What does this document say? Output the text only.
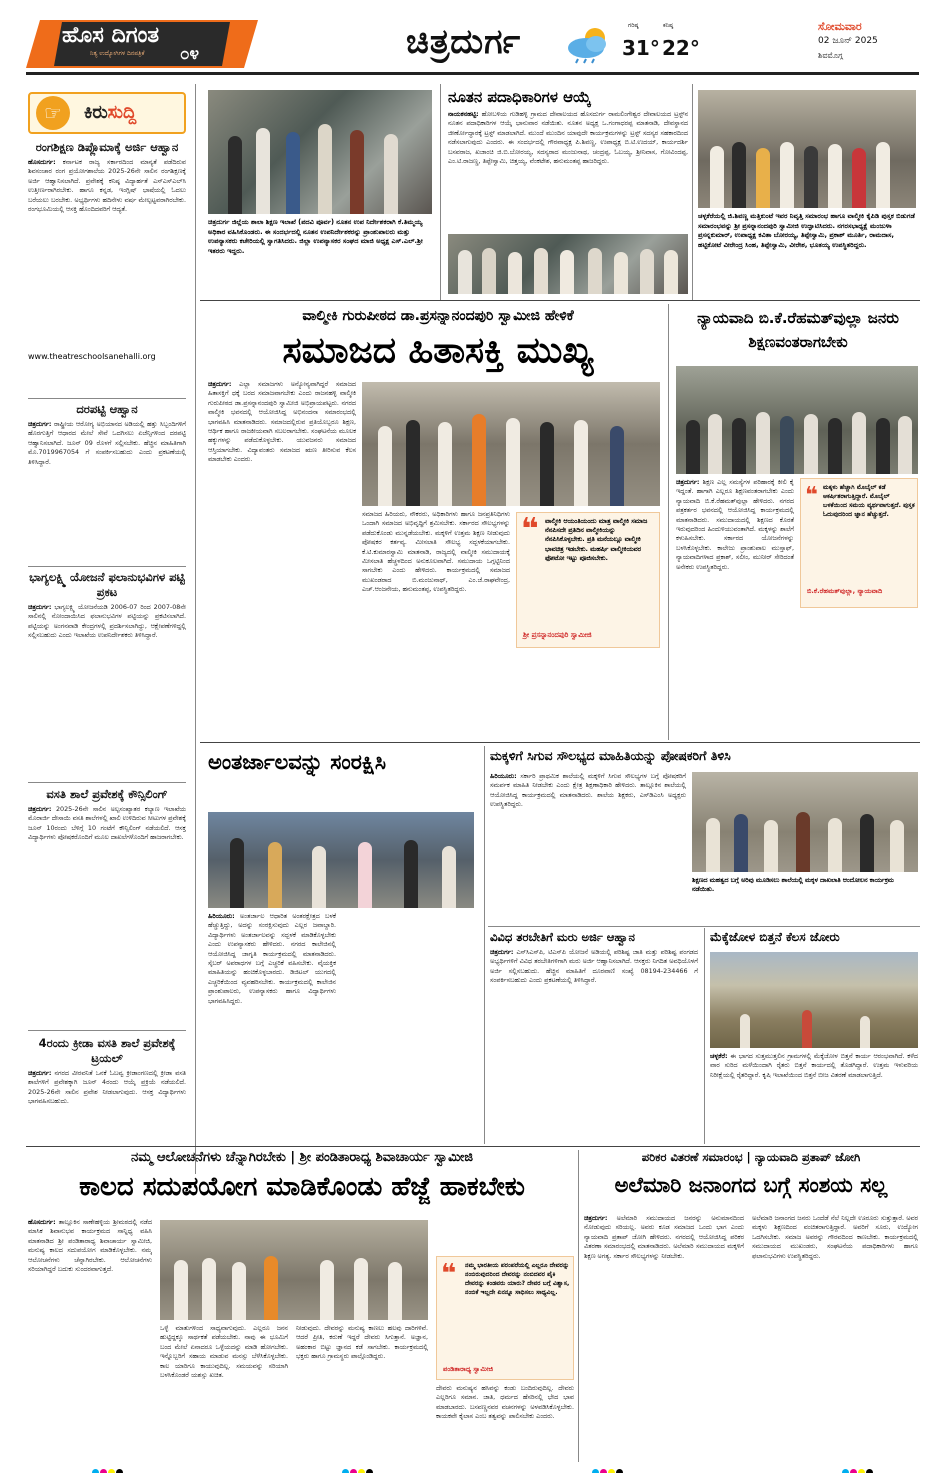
ಹೊಸ ದಿಗಂತ
ನಿತ್ಯ ಉದ್ಯೋಗಿಗಳ ದಿನಪತ್ರಿಕೆ ೦೪	ಚಿತ್ರದುರ್ಗ	ಗರಿಷ್ಠ
31°
ಕನಿಷ್ಠ
22°
ಸೋಮವಾರ
02 ಜೂನ್ 2025
ಶಿವಮೊಗ್ಗ
☞	ಕಿರುಸುದ್ದಿ
ರಂಗಶಿಕ್ಷಣ ಡಿಪ್ಲೊಮಾಕ್ಕೆ ಅರ್ಜಿ ಆಹ್ವಾನ
ಹೊಸದುರ್ಗ: ಕರ್ನಾಟಕ ರಾಜ್ಯ ಸರ್ಕಾರದಿಂದ ಮಾನ್ಯತೆ ಪಡೆದಿರುವ ಶಿವಸಂಚಾರ ರಂಗ ಪ್ರಯೋಗಶಾಲೆಯ 2025-26ನೇ ಸಾಲಿನ ರಂಗಶಿಕ್ಷಣಕ್ಕೆ ಅರ್ಜಿ ಆಹ್ವಾನಿಸಲಾಗಿದೆ. ಪ್ರವೇಶಕ್ಕೆ ಕನಿಷ್ಠ ವಿದ್ಯಾರ್ಹತೆ ಎಸ್ಎಸ್ಎಲ್‌ಸಿ ಉತ್ತೀರ್ಣರಾಗಿರಬೇಕು. ಹಾಗೂ ಕನ್ನಡ, ಇಂಗ್ಲಿಷ್ ಭಾಷೆಯಲ್ಲಿ ಓದಲು ಬರೆಯಲು ಬರಬೇಕು. ಅಭ್ಯರ್ಥಿಗಳು ಹದಿನೇಳು ವರ್ಷ ಮೇಲ್ಪಟ್ಟವರಾಗಿರಬೇಕು. ರಂಗಭೂಮಿಯಲ್ಲಿ ಆಸಕ್ತಿ ಹೊಂದಿದವರಿಗೆ ಆದ್ಯತೆ.
www.theatreschoolsanehalli.org
ದರಪಟ್ಟಿ ಆಹ್ವಾನ
ಚಿತ್ರದುರ್ಗ: ರಾಷ್ಟ್ರೀಯ ಆರೋಗ್ಯ ಅಭಿಯಾನದ ಅಡಿಯಲ್ಲಿ ಹತ್ತು ಸಿಬ್ಬಂದಿಗಳಿಗೆ ಹೊರಗುತ್ತಿಗೆ ಆಧಾರದ ಮೇಲೆ ಸೇವೆ ಒದಗಿಸಲು ಏಜೆನ್ಸಿಗಳಿಂದ ದರಪಟ್ಟಿ ಆಹ್ವಾನಿಸಲಾಗಿದೆ. ಜೂನ್ 09 ರೊಳಗೆ ಸಲ್ಲಿಸಬೇಕು. ಹೆಚ್ಚಿನ ಮಾಹಿತಿಗಾಗಿ ಮೊ.7019967054 ಗೆ ಸಂಪರ್ಕಿಸಬಹುದು ಎಂದು ಪ್ರಕಟಣೆಯಲ್ಲಿ ತಿಳಿಸಿದ್ದಾರೆ.
ಭಾಗ್ಯಲಕ್ಷ್ಮಿ ಯೋಜನೆ ಫಲಾನುಭವಿಗಳ ಪಟ್ಟಿ ಪ್ರಕಟ
ಚಿತ್ರದುರ್ಗ: ಭಾಗ್ಯಲಕ್ಷ್ಮಿ ಯೋಜನೆಯಡಿ 2006-07 ರಿಂದ 2007-08ನೇ ಸಾಲಿನಲ್ಲಿ ನೋಂದಾಯಿಸಿದ ಫಲಾನುಭವಿಗಳ ಪಟ್ಟಿಯನ್ನು ಪ್ರಕಟಿಸಲಾಗಿದೆ. ಪಟ್ಟಿಯನ್ನು ಅಂಗನವಾಡಿ ಕೇಂದ್ರಗಳಲ್ಲಿ ಪ್ರದರ್ಶಿಸಲಾಗಿದ್ದು, ಆಕ್ಷೇಪಣೆಗಳಿದ್ದಲ್ಲಿ ಸಲ್ಲಿಸಬಹುದು ಎಂದು ಇಲಾಖೆಯ ಉಪನಿರ್ದೇಶಕರು ತಿಳಿಸಿದ್ದಾರೆ.
ವಸತಿ ಶಾಲೆ ಪ್ರವೇಶಕ್ಕೆ ಕೌನ್ಸಿಲಿಂಗ್
ಚಿತ್ರದುರ್ಗ: 2025-26ನೇ ಸಾಲಿನ ಅಲ್ಪಸಂಖ್ಯಾತರ ಕಲ್ಯಾಣ ಇಲಾಖೆಯ ಮೊರಾರ್ಜಿ ದೇಸಾಯಿ ವಸತಿ ಶಾಲೆಗಳಲ್ಲಿ ಖಾಲಿ ಉಳಿದಿರುವ ಸೀಟುಗಳ ಪ್ರವೇಶಕ್ಕೆ ಜೂನ್ 10ರಂದು ಬೆಳಿಗ್ಗೆ 10 ಗಂಟೆಗೆ ಕೌನ್ಸಿಲಿಂಗ್ ನಡೆಯಲಿದೆ. ಆಸಕ್ತ ವಿದ್ಯಾರ್ಥಿಗಳು ಪೋಷಕರೊಂದಿಗೆ ಮೂಲ ದಾಖಲೆಗಳೊಂದಿಗೆ ಹಾಜರಾಗಬೇಕು.
4ರಂದು ಕ್ರೀಡಾ ವಸತಿ ಶಾಲೆ ಪ್ರವೇಶಕ್ಕೆ ಟ್ರಯಲ್
ಚಿತ್ರದುರ್ಗ: ನಗರದ ವೀರವನಿತೆ ಒನಕೆ ಓಬವ್ವ ಕ್ರೀಡಾಂಗಣದಲ್ಲಿ ಕ್ರೀಡಾ ವಸತಿ ಶಾಲೆಗಳಿಗೆ ಪ್ರವೇಶಕ್ಕಾಗಿ ಜೂನ್ 4ರಂದು ಆಯ್ಕೆ ಪ್ರಕ್ರಿಯೆ ನಡೆಯಲಿದೆ. 2025-26ನೇ ಸಾಲಿನ ಪ್ರವೇಶ ನೀಡಲಾಗುವುದು. ಆಸಕ್ತ ವಿದ್ಯಾರ್ಥಿಗಳು ಭಾಗವಹಿಸಬಹುದು.
ಚಿತ್ರದುರ್ಗ ಜಿಲ್ಲೆಯ ಶಾಲಾ ಶಿಕ್ಷಣ ಇಲಾಖೆ (ಪದವಿ ಪೂರ್ವ) ನೂತನ ಉಪ ನಿರ್ದೇಶಕರಾಗಿ ಕೆ.ತಿಮ್ಮಯ್ಯ ಅಧಿಕಾರ ವಹಿಸಿಕೊಂಡರು. ಈ ಸಂದರ್ಭದಲ್ಲಿ ನೂತನ ಉಪನಿರ್ದೇಶಕರನ್ನು ಪ್ರಾಂಶುಪಾಲರು ಮತ್ತು ಉಪನ್ಯಾಸಕರು ಕಚೇರಿಯಲ್ಲಿ ಸ್ವಾಗತಿಸಿದರು. ಜಿಲ್ಲಾ ಉಪನ್ಯಾಸಕರ ಸಂಘದ ಮಾಜಿ ಅಧ್ಯಕ್ಷ ಎಸ್.ಎಲ್.ಶ್ರೀ ಇತರರು ಇದ್ದರು.
ನೂತನ ಪದಾಧಿಕಾರಿಗಳ ಆಯ್ಕೆ
ನಾಯಕನಹಟ್ಟಿ: ಹೋಬಳಿಯ ಗುಡಿಹಳ್ಳಿ ಗ್ರಾಮದ ದೇವಾಲಯದ ಹೊಸದುರ್ಗ ರಾಮಲಿಂಗೇಶ್ವರ ದೇವಾಲಯದ ಟ್ರಸ್ಟ್‌ನ ನೂತನ ಪದಾಧಿಕಾರಿಗಳ ಆಯ್ಕೆ ಭಾನುವಾರ ನಡೆಯಿತು. ನೂತನ ಅಧ್ಯಕ್ಷ ಒ.ಗಂಗಾಧರಪ್ಪ ಮಾತನಾಡಿ, ದೇವಸ್ಥಾನದ ಜೀರ್ಣೋದ್ಧಾರಕ್ಕೆ ಟ್ರಸ್ಟ್ ಮಾಡಲಾಗಿದೆ. ಮುಂದೆ ಮುಂದಿನ ಯಾವುದೇ ಕಾರ್ಯಕ್ರಮಗಳನ್ನು ಟ್ರಸ್ಟ್ ಸದಸ್ಯರ ಸಹಕಾರದಿಂದ ನಡೆಸಲಾಗುವುದು ಎಂದರು. ಈ ಸಂದರ್ಭದಲ್ಲಿ ಗೌರವಾಧ್ಯಕ್ಷ ಪಿ.ಶಿವಣ್ಣ, ಉಪಾಧ್ಯಕ್ಷ ಬಿ.ಟಿ.ಉದಯ್, ಕಾರ್ಯದರ್ಶಿ ಬಸವರಾಜ, ಖಜಾಂಚಿ ಜಿ.ಬಿ.ಬೋರಯ್ಯ, ಸದಸ್ಯರಾದ ಮಂಜುನಾಥ, ಚಂದ್ರಪ್ಪ, ಓಬಯ್ಯ, ಶ್ರೀನಿವಾಸ, ಗೋವಿಂದಪ್ಪ, ಎಂ.ಟಿ.ರಾಜಣ್ಣ, ತಿಪ್ಪೇಸ್ವಾಮಿ, ಚಿತ್ತಯ್ಯ, ವೆಂಕಟೇಶ, ಹನುಮಂತಪ್ಪ ಹಾಜರಿದ್ದರು.
ಚಳ್ಳಕೆರೆಯಲ್ಲಿ ಜಿ.ಶಿವಣ್ಣ ಮತ್ತಿಕುಂಟೆ ಇವರ ನಿವೃತ್ತಿ ಸಮಾರಂಭ ಹಾಗೂ ವಾಲ್ಮೀಕಿ ಕೈಪಿಡಿ ಪುಸ್ತಕ ಬಿಡುಗಡೆ ಸಮಾರಂಭವನ್ನು ಶ್ರೀ ಪ್ರಸನ್ನಾನಂದಪುರಿ ಸ್ವಾಮೀಜಿ ಉದ್ಘಾಟಿಸಿದರು. ನಗರಸಭಾಧ್ಯಕ್ಷೆ ಮಂಜುಳಾ ಪ್ರಸನ್ನಕುಮಾರ್, ಉಪಾಧ್ಯಕ್ಷ ಕವಿತಾ ಬೋರಯ್ಯ, ತಿಪ್ಪೇಸ್ವಾಮಿ, ಪ್ರಕಾಶ್ ಮೂರ್ತಿ, ರಾಮದಾಸ, ಹಟ್ಟಿಕೋಟೆ ವೀರೇಂದ್ರ ಸಿಂಹ, ತಿಪ್ಪೇಸ್ವಾಮಿ, ವೀರೇಶ, ಭೂತಯ್ಯ ಉಪಸ್ಥಿತರಿದ್ದರು.
ವಾಲ್ಮೀಕಿ ಗುರುಪೀಠದ ಡಾ.ಪ್ರಸನ್ನಾನಂದಪುರಿ ಸ್ವಾಮೀಜಿ ಹೇಳಿಕೆ
ಸಮಾಜದ ಹಿತಾಸಕ್ತಿ ಮುಖ್ಯ
ಚಿತ್ರದುರ್ಗ: ಎಲ್ಲಾ ಸಮಾಜಗಳು ಅನ್ಯೋನ್ಯವಾಗಿದ್ದರೆ ಸಮಾಜದ ಹಿತಾಸಕ್ತಿಗೆ ಧಕ್ಕೆ ಬರದ ಸಮಾಜವಾಗಬೇಕು ಎಂದು ರಾಜನಹಳ್ಳಿ ವಾಲ್ಮೀಕಿ ಗುರುಪೀಠದ ಡಾ.ಪ್ರಸನ್ನಾನಂದಪುರಿ ಸ್ವಾಮೀಜಿ ಅಭಿಪ್ರಾಯಪಟ್ಟರು. ನಗರದ ವಾಲ್ಮೀಕಿ ಭವನದಲ್ಲಿ ಆಯೋಜಿಸಿದ್ದ ಅಭಿನಂದನಾ ಸಮಾರಂಭದಲ್ಲಿ ಭಾಗವಹಿಸಿ ಮಾತನಾಡಿದರು. ಸಮಾಜದಲ್ಲಿರುವ ಪ್ರತಿಯೊಬ್ಬರೂ ಶಿಕ್ಷಣ, ಆರ್ಥಿಕ ಹಾಗೂ ರಾಜಕೀಯವಾಗಿ ಸಬಲರಾಗಬೇಕು. ಸಂಘಟನೆಯ ಮೂಲಕ ಹಕ್ಕುಗಳನ್ನು ಪಡೆದುಕೊಳ್ಳಬೇಕು. ಯುವಜನರು ಸಮಾಜದ ಆಸ್ತಿಯಾಗಬೇಕು. ವಿದ್ಯಾವಂತರು ಸಮಾಜದ ಋಣ ತೀರಿಸುವ ಕೆಲಸ ಮಾಡಬೇಕು ಎಂದರು.
ಸಮಾಜದ ಹಿರಿಯರು, ನೌಕರರು, ಅಧಿಕಾರಿಗಳು ಹಾಗೂ ಜನಪ್ರತಿನಿಧಿಗಳು ಒಂದಾಗಿ ಸಮಾಜದ ಅಭಿವೃದ್ಧಿಗೆ ಶ್ರಮಿಸಬೇಕು. ಸರ್ಕಾರದ ಸೌಲಭ್ಯಗಳನ್ನು ಪಡೆದುಕೊಂಡು ಮುನ್ನಡೆಯಬೇಕು. ಮಕ್ಕಳಿಗೆ ಉತ್ತಮ ಶಿಕ್ಷಣ ನೀಡುವುದು ಪೋಷಕರ ಕರ್ತವ್ಯ. ಮೀಸಲಾತಿ ಸೌಲಭ್ಯ ಸದ್ಬಳಕೆಯಾಗಬೇಕು. ಕೆ.ಟಿ.ಕುಮಾರಸ್ವಾಮಿ ಮಾತನಾಡಿ, ರಾಜ್ಯದಲ್ಲಿ ವಾಲ್ಮೀಕಿ ಸಮುದಾಯಕ್ಕೆ ಮೀಸಲಾತಿ ಹೆಚ್ಚಳದಿಂದ ಅನುಕೂಲವಾಗಿದೆ. ಸಮುದಾಯ ಒಗ್ಗಟ್ಟಿನಿಂದ ಸಾಗಬೇಕು ಎಂದು ಹೇಳಿದರು. ಕಾರ್ಯಕ್ರಮದಲ್ಲಿ ಸಮಾಜದ ಮುಖಂಡರಾದ ಬಿ.ಮಂಜುನಾಥ್, ಎಂ.ಜೆ.ರಾಘವೇಂದ್ರ, ಎಚ್.ಆಂಜನೇಯ, ಹನುಮಂತಪ್ಪ, ಉಪಸ್ಥಿತರಿದ್ದರು.
❝ ವಾಲ್ಮೀಕಿ ಆಯಂತಿಯಂದು ಮಾತ್ರ ವಾಲ್ಮೀಕಿ ಸಮಾಜ ನೆನಪಿಸದೇ ಪ್ರತಿದಿನ ವಾಲ್ಮೀಕಿಯನ್ನು ನೆನಪಿಸಿಕೊಳ್ಳಬೇಕು. ಪ್ರತಿ ಮನೆಯಲ್ಲೂ ವಾಲ್ಮೀಕಿ ಭಾವಚಿತ್ರ ಇಡಬೇಕು. ಮಹರ್ಷಿ ವಾಲ್ಮೀಕಿಯವರ ಫೋಟೋ ಇಟ್ಟು ಪೂಜಿಸಬೇಕು.
ಶ್ರೀ ಪ್ರಸನ್ನಾನಂದಪುರಿ ಸ್ವಾಮೀಜಿ
ನ್ಯಾಯವಾದಿ ಬಿ.ಕೆ.ರೆಹಮತ್‌ವುಲ್ಲಾ ಜನರು ಶಿಕ್ಷಣವಂತರಾಗಬೇಕು
ಚಿತ್ರದುರ್ಗ: ಶಿಕ್ಷಣ ಎಲ್ಲ ಸಮಸ್ಯೆಗಳ ಪರಿಹಾರಕ್ಕೆ ಕೀಲಿ ಕೈ ಇದ್ದಂತೆ. ಹಾಗಾಗಿ ಎಲ್ಲರೂ ಶಿಕ್ಷಣವಂತರಾಗಬೇಕು ಎಂದು ನ್ಯಾಯವಾದಿ ಬಿ.ಕೆ.ರೆಹಮತ್‌ವುಲ್ಲಾ ಹೇಳಿದರು. ನಗರದ ಪತ್ರಕರ್ತರ ಭವನದಲ್ಲಿ ಆಯೋಜಿಸಿದ್ದ ಕಾರ್ಯಕ್ರಮದಲ್ಲಿ ಮಾತನಾಡಿದರು. ಸಮುದಾಯದಲ್ಲಿ ಶಿಕ್ಷಣದ ಕೊರತೆ ಇರುವುದರಿಂದ ಹಿಂದುಳಿಯುವಂತಾಗಿದೆ. ಮಕ್ಕಳನ್ನು ಶಾಲೆಗೆ ಕಳುಹಿಸಬೇಕು. ಸರ್ಕಾರದ ಯೋಜನೆಗಳನ್ನು ಬಳಸಿಕೊಳ್ಳಬೇಕು. ಕಾಲೇಜು ಪ್ರಾಂಶುಪಾಲ ಮುಸ್ತಾಫ್, ನ್ಯಾಯವಾದಿಗಳಾದ ಪ್ರಕಾಶ್, ಸಲೀಂ, ಮುನೀರ್ ಸೇರಿದಂತೆ ಅನೇಕರು ಉಪಸ್ಥಿತರಿದ್ದರು.
❝ ಮಕ್ಕಳು ಹೆಚ್ಚಾಗಿ ಮೊಬೈಲ್ ಕಡೆ ಆಕರ್ಷಿತರಾಗುತ್ತಿದ್ದಾರೆ. ಮೊಬೈಲ್ ಬಳಕೆಯಿಂದ ಸಮಯ ವ್ಯರ್ಥವಾಗುತ್ತದೆ. ಪುಸ್ತಕ ಓದುವುದರಿಂದ ಜ್ಞಾನ ಹೆಚ್ಚುತ್ತದೆ.
ಬಿ.ಕೆ.ರೆಹಮತ್‌ವುಲ್ಲಾ, ನ್ಯಾಯವಾದಿ
ಅಂತರ್ಜಾಲವನ್ನು ಸಂರಕ್ಷಿಸಿ
ಹಿರಿಯೂರು: ಅಂತರ್ಜಾಲ ಆಧಾರಿತ ಅಂತರಕ್ಷೇತ್ರದ ಬಳಕೆ ಹೆಚ್ಚುತ್ತಿದ್ದು, ಅದನ್ನು ಸಂರಕ್ಷಿಸುವುದು ಎಲ್ಲರ ಜವಾಬ್ದಾರಿ. ವಿದ್ಯಾರ್ಥಿಗಳು ಅಂತರ್ಜಾಲವನ್ನು ಸದ್ಬಳಕೆ ಮಾಡಿಕೊಳ್ಳಬೇಕು ಎಂದು ಉಪನ್ಯಾಸಕರು ಹೇಳಿದರು. ನಗರದ ಕಾಲೇಜಿನಲ್ಲಿ ಆಯೋಜಿಸಿದ್ದ ಜಾಗೃತಿ ಕಾರ್ಯಕ್ರಮದಲ್ಲಿ ಮಾತನಾಡಿದರು. ಸೈಬರ್ ಅಪರಾಧಗಳ ಬಗ್ಗೆ ಎಚ್ಚರಿಕೆ ವಹಿಸಬೇಕು. ವೈಯಕ್ತಿಕ ಮಾಹಿತಿಯನ್ನು ಹಂಚಿಕೊಳ್ಳಬಾರದು. ಡಿಜಿಟಲ್ ಯುಗದಲ್ಲಿ ಎಚ್ಚರಿಕೆಯಿಂದ ವ್ಯವಹರಿಸಬೇಕು. ಕಾರ್ಯಕ್ರಮದಲ್ಲಿ ಕಾಲೇಜಿನ ಪ್ರಾಂಶುಪಾಲರು, ಉಪನ್ಯಾಸಕರು ಹಾಗೂ ವಿದ್ಯಾರ್ಥಿಗಳು ಭಾಗವಹಿಸಿದ್ದರು.
ಮಕ್ಕಳಿಗೆ ಸಿಗುವ ಸೌಲಭ್ಯದ ಮಾಹಿತಿಯನ್ನು ಪೋಷಕರಿಗೆ ತಿಳಿಸಿ
ಹಿರಿಯೂರು: ಸರ್ಕಾರಿ ಪ್ರಾಥಮಿಕ ಶಾಲೆಯಲ್ಲಿ ಮಕ್ಕಳಿಗೆ ಸಿಗುವ ಸೌಲಭ್ಯಗಳ ಬಗ್ಗೆ ಪೋಷಕರಿಗೆ ಸಮರ್ಪಕ ಮಾಹಿತಿ ನೀಡಬೇಕು ಎಂದು ಕ್ಷೇತ್ರ ಶಿಕ್ಷಣಾಧಿಕಾರಿ ಹೇಳಿದರು. ತಾಲ್ಲೂಕಿನ ಶಾಲೆಯಲ್ಲಿ ಆಯೋಜಿಸಿದ್ದ ಕಾರ್ಯಕ್ರಮದಲ್ಲಿ ಮಾತನಾಡಿದರು. ಶಾಲೆಯ ಶಿಕ್ಷಕರು, ಎಸ್‌ಡಿಎಂಸಿ ಅಧ್ಯಕ್ಷರು ಉಪಸ್ಥಿತರಿದ್ದರು.
ಶಿಕ್ಷಣದ ಮಹತ್ವದ ಬಗ್ಗೆ ಅರಿವು ಮೂಡಿಸಲು ಶಾಲೆಯಲ್ಲಿ ಮಕ್ಕಳ ದಾಖಲಾತಿ ಆಂದೋಲನ ಕಾರ್ಯಕ್ರಮ ನಡೆಯಿತು.
ವಿವಿಧ ತರಬೇತಿಗೆ ಮರು ಅರ್ಜಿ ಆಹ್ವಾನ
ಚಿತ್ರದುರ್ಗ: ಎಸ್‌ಸಿಎಸ್‌ಪಿ, ಟಿಎಸ್‌ಪಿ ಯೋಜನೆ ಅಡಿಯಲ್ಲಿ ಪರಿಶಿಷ್ಟ ಜಾತಿ ಮತ್ತು ಪರಿಶಿಷ್ಟ ಪಂಗಡದ ಅಭ್ಯರ್ಥಿಗಳಿಗೆ ವಿವಿಧ ತರಬೇತಿಗಳಿಗಾಗಿ ಮರು ಅರ್ಜಿ ಆಹ್ವಾನಿಸಲಾಗಿದೆ. ಆಸಕ್ತರು ನಿಗದಿತ ಅವಧಿಯೊಳಗೆ ಅರ್ಜಿ ಸಲ್ಲಿಸಬಹುದು. ಹೆಚ್ಚಿನ ಮಾಹಿತಿಗೆ ದೂರವಾಣಿ ಸಂಖ್ಯೆ 08194-234466 ಗೆ ಸಂಪರ್ಕಿಸಬಹುದು ಎಂದು ಪ್ರಕಟಣೆಯಲ್ಲಿ ತಿಳಿಸಿದ್ದಾರೆ.
ಮೆಕ್ಕೆಜೋಳ ಬಿತ್ತನೆ ಕೆಲಸ ಜೋರು
ಚಳ್ಳಕೆರೆ: ಈ ಭಾಗದ ಸುತ್ತಮುತ್ತಲಿನ ಗ್ರಾಮಗಳಲ್ಲಿ ಮೆಕ್ಕೆಜೋಳ ಬಿತ್ತನೆ ಕಾರ್ಯ ಆರಂಭವಾಗಿದೆ. ಕಳೆದ ವಾರ ಸುರಿದ ಮಳೆಯಿಂದಾಗಿ ರೈತರು ಬಿತ್ತನೆ ಕಾರ್ಯದಲ್ಲಿ ತೊಡಗಿದ್ದಾರೆ. ಉತ್ತಮ ಇಳುವರಿಯ ನಿರೀಕ್ಷೆಯಲ್ಲಿ ರೈತರಿದ್ದಾರೆ. ಕೃಷಿ ಇಲಾಖೆಯಿಂದ ಬಿತ್ತನೆ ಬೀಜ ವಿತರಣೆ ಮಾಡಲಾಗುತ್ತಿದೆ.
ನಮ್ಮ ಆಲೋಚನೆಗಳು ಚೆನ್ನಾಗಿರಬೇಕು | ಶ್ರೀ ಪಂಡಿತಾರಾಧ್ಯ ಶಿವಾಚಾರ್ಯ ಸ್ವಾಮೀಜಿ
ಕಾಲದ ಸದುಪಯೋಗ ಮಾಡಿಕೊಂಡು ಹೆಜ್ಜೆ ಹಾಕಬೇಕು
ಹೊಸದುರ್ಗ: ತಾಲ್ಲೂಕಿನ ಸಾಣೇಹಳ್ಳಿಯ ಶ್ರೀಮಠದಲ್ಲಿ ನಡೆದ ಮಾಸಿಕ ಶಿವಾನುಭವ ಕಾರ್ಯಕ್ರಮದ ಸಾನ್ನಿಧ್ಯ ವಹಿಸಿ ಮಾತನಾಡಿದ ಶ್ರೀ ಪಂಡಿತಾರಾಧ್ಯ ಶಿವಾಚಾರ್ಯ ಸ್ವಾಮೀಜಿ, ಮನುಷ್ಯ ಕಾಲದ ಸದುಪಯೋಗ ಮಾಡಿಕೊಳ್ಳಬೇಕು. ನಮ್ಮ ಆಲೋಚನೆಗಳು ಚೆನ್ನಾಗಿರಬೇಕು. ಆಲೋಚನೆಗಳು ಸರಿಯಾಗಿದ್ದರೆ ಬದುಕು ಸುಂದರವಾಗುತ್ತದೆ.
ಒಳ್ಳೆ ಮಾತುಗಳಿಂದ ಸಾಧ್ಯವಾಗುವುದು. ಎಲ್ಲರೂ ಜನನ ಹುಟ್ಟಿದ್ದಕ್ಕೂ ಸಾರ್ಥಕತೆ ಪಡೆಯಬೇಕು. ನಾವು ಈ ಭೂಮಿಗೆ ಬಂದ ಮೇಲೆ ಏನಾದರೂ ಒಳ್ಳೆಯದನ್ನು ಮಾಡಿ ಹೋಗಬೇಕು. ಇನ್ನೊಬ್ಬರಿಗೆ ಸಹಾಯ ಮಾಡುವ ಮನಸ್ಸು ಬೆಳೆಸಿಕೊಳ್ಳಬೇಕು. ಕಾಲ ಯಾರಿಗೂ ಕಾಯುವುದಿಲ್ಲ. ಸಮಯವನ್ನು ಸರಿಯಾಗಿ ಬಳಸಿಕೊಂಡರೆ ಯಶಸ್ಸು ಖಚಿತ.
ನೀಡುವುದು. ದೇವರನ್ನು ಮನುಷ್ಯ ಕಾಣಲು ಹಲವು ದಾರಿಗಳಿವೆ. ಆದರೆ ಪ್ರೀತಿ, ಕರುಣೆ ಇದ್ದರೆ ದೇವರು ಸಿಗುತ್ತಾನೆ. ಅಜ್ಞಾನ, ಅಹಂಕಾರ ಬಿಟ್ಟು ಜ್ಞಾನದ ಕಡೆ ಸಾಗಬೇಕು. ಕಾರ್ಯಕ್ರಮದಲ್ಲಿ ಭಕ್ತರು ಹಾಗೂ ಗ್ರಾಮಸ್ಥರು ಪಾಲ್ಗೊಂಡಿದ್ದರು.
❝ ನಮ್ಮ ಭಾರತೀಯ ಪರಂಪರೆಯಲ್ಲಿ ಎಲ್ಲರೂ ದೇವರನ್ನು ನಂಬಿರುವುದರಿಂದ ದೇವರನ್ನು ನಂಬಿದವರ ಪೈಕಿ ದೇವರನ್ನು ಕಂಡವರು ಯಾರು? ದೇವರ ಬಗ್ಗೆ ವಿಶ್ವಾಸ, ನಂಬಿಕೆ ಇಲ್ಲದೇ ಏನನ್ನೂ ಸಾಧಿಸಲು ಸಾಧ್ಯವಿಲ್ಲ.
ಪಂಡಿತಾರಾಧ್ಯ ಸ್ವಾಮೀಜಿ
ದೇವರು ಮನುಷ್ಯನ ಹಸಿವನ್ನು ಕಂಡು ಬಂದಿರುವುದಿಲ್ಲ. ದೇವರು ಎಲ್ಲರಿಗೂ ಸಮಾನ. ಜಾತಿ, ಧರ್ಮದ ಹೆಸರಿನಲ್ಲಿ ಭೇದ ಭಾವ ಮಾಡಬಾರದು. ಬಸವಣ್ಣನವರ ವಚನಗಳನ್ನು ಅಳವಡಿಸಿಕೊಳ್ಳಬೇಕು. ಕಾಯಕವೇ ಕೈಲಾಸ ಎಂಬ ತತ್ವವನ್ನು ಪಾಲಿಸಬೇಕು ಎಂದರು.
ಪರಿಕರ ವಿತರಣೆ ಸಮಾರಂಭ | ನ್ಯಾಯವಾದಿ ಪ್ರತಾಪ್ ಜೋಗಿ
ಅಲೆಮಾರಿ ಜನಾಂಗದ ಬಗ್ಗೆ ಸಂಶಯ ಸಲ್ಲ
ಚಿತ್ರದುರ್ಗ: ಅಲೆಮಾರಿ ಸಮುದಾಯದ ಜನರನ್ನು ಅನುಮಾನದಿಂದ ನೋಡುವುದು ಸರಿಯಲ್ಲ. ಅವರು ಕೂಡ ಸಮಾಜದ ಒಂದು ಭಾಗ ಎಂದು ನ್ಯಾಯವಾದಿ ಪ್ರತಾಪ್ ಜೋಗಿ ಹೇಳಿದರು. ನಗರದಲ್ಲಿ ಆಯೋಜಿಸಿದ್ದ ಪರಿಕರ ವಿತರಣಾ ಸಮಾರಂಭದಲ್ಲಿ ಮಾತನಾಡಿದರು. ಅಲೆಮಾರಿ ಸಮುದಾಯದ ಮಕ್ಕಳಿಗೆ ಶಿಕ್ಷಣ ಅಗತ್ಯ. ಸರ್ಕಾರ ಸೌಲಭ್ಯಗಳನ್ನು ನೀಡಬೇಕು.
ಅಲೆಮಾರಿ ಜನಾಂಗದ ಜನರು ಒಂದೆಡೆ ನೆಲೆ ನಿಲ್ಲದೇ ಊರೂರು ಸುತ್ತುತ್ತಾರೆ. ಅವರ ಮಕ್ಕಳು ಶಿಕ್ಷಣದಿಂದ ವಂಚಿತರಾಗುತ್ತಿದ್ದಾರೆ. ಅವರಿಗೆ ಸೂರು, ಉದ್ಯೋಗ ಒದಗಿಸಬೇಕು. ಸಮಾಜ ಅವರನ್ನು ಗೌರವದಿಂದ ಕಾಣಬೇಕು. ಕಾರ್ಯಕ್ರಮದಲ್ಲಿ ಸಮುದಾಯದ ಮುಖಂಡರು, ಸಂಘಟನೆಯ ಪದಾಧಿಕಾರಿಗಳು ಹಾಗೂ ಫಲಾನುಭವಿಗಳು ಉಪಸ್ಥಿತರಿದ್ದರು.
